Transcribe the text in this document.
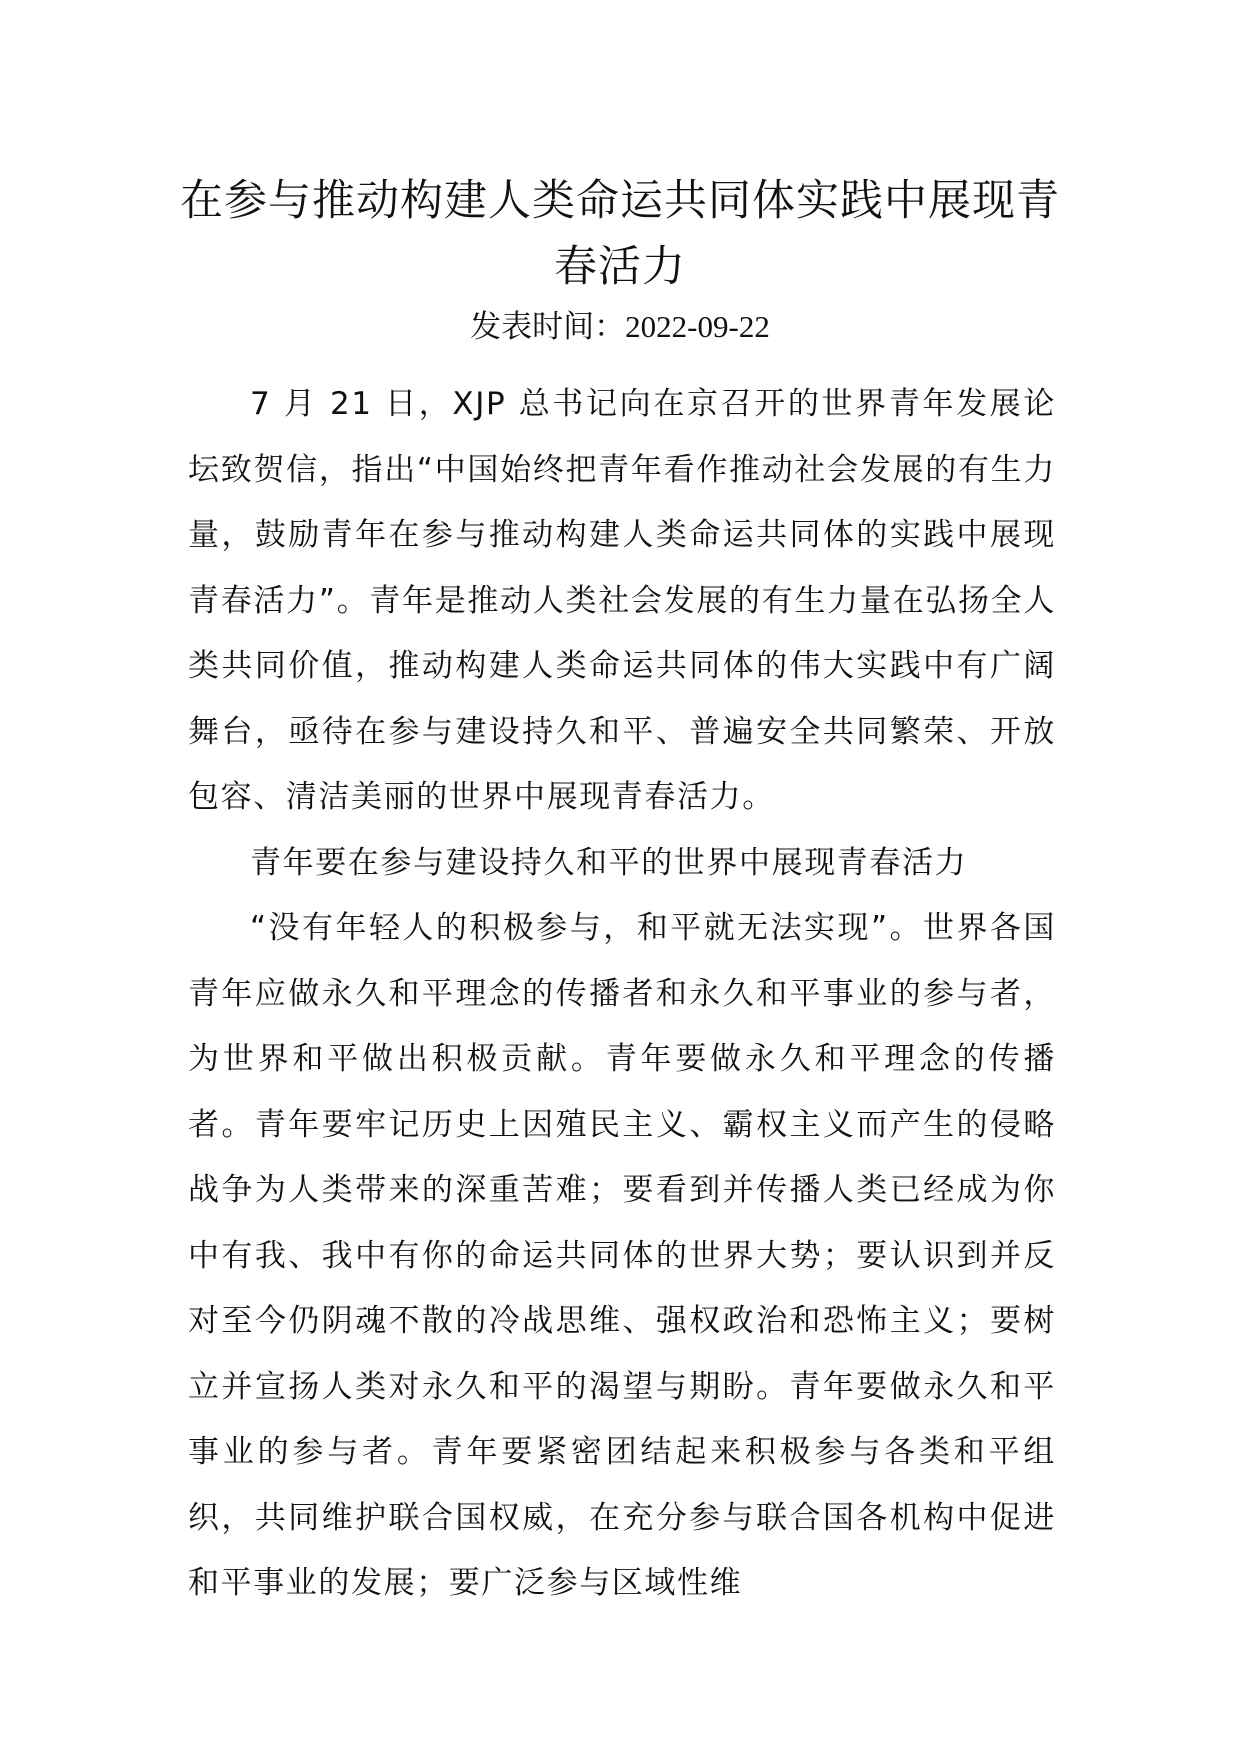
在参与推动构建人类命运共同体实践中展现青春活力
发表时间：2022-09-22

7 月 21 日，XJP 总书记向在京召开的世界青年发展论坛致贺信，指出“中国始终把青年看作推动社会发展的有生力量，鼓励青年在参与推动构建人类命运共同体的实践中展现青春活力”。青年是推动人类社会发展的有生力量在弘扬全人类共同价值，推动构建人类命运共同体的伟大实践中有广阔舞台，亟待在参与建设持久和平、普遍安全共同繁荣、开放包容、清洁美丽的世界中展现青春活力。

青年要在参与建设持久和平的世界中展现青春活力

“没有年轻人的积极参与，和平就无法实现”。世界各国青年应做永久和平理念的传播者和永久和平事业的参与者，为世界和平做出积极贡献。青年要做永久和平理念的传播者。青年要牢记历史上因殖民主义、霸权主义而产生的侵略战争为人类带来的深重苦难；要看到并传播人类已经成为你中有我、我中有你的命运共同体的世界大势；要认识到并反对至今仍阴魂不散的冷战思维、强权政治和恐怖主义；要树立并宣扬人类对永久和平的渴望与期盼。青年要做永久和平事业的参与者。青年要紧密团结起来积极参与各类和平组织，共同维护联合国权威，在充分参与联合国各机构中促进和平事业的发展；要广泛参与区域性维
